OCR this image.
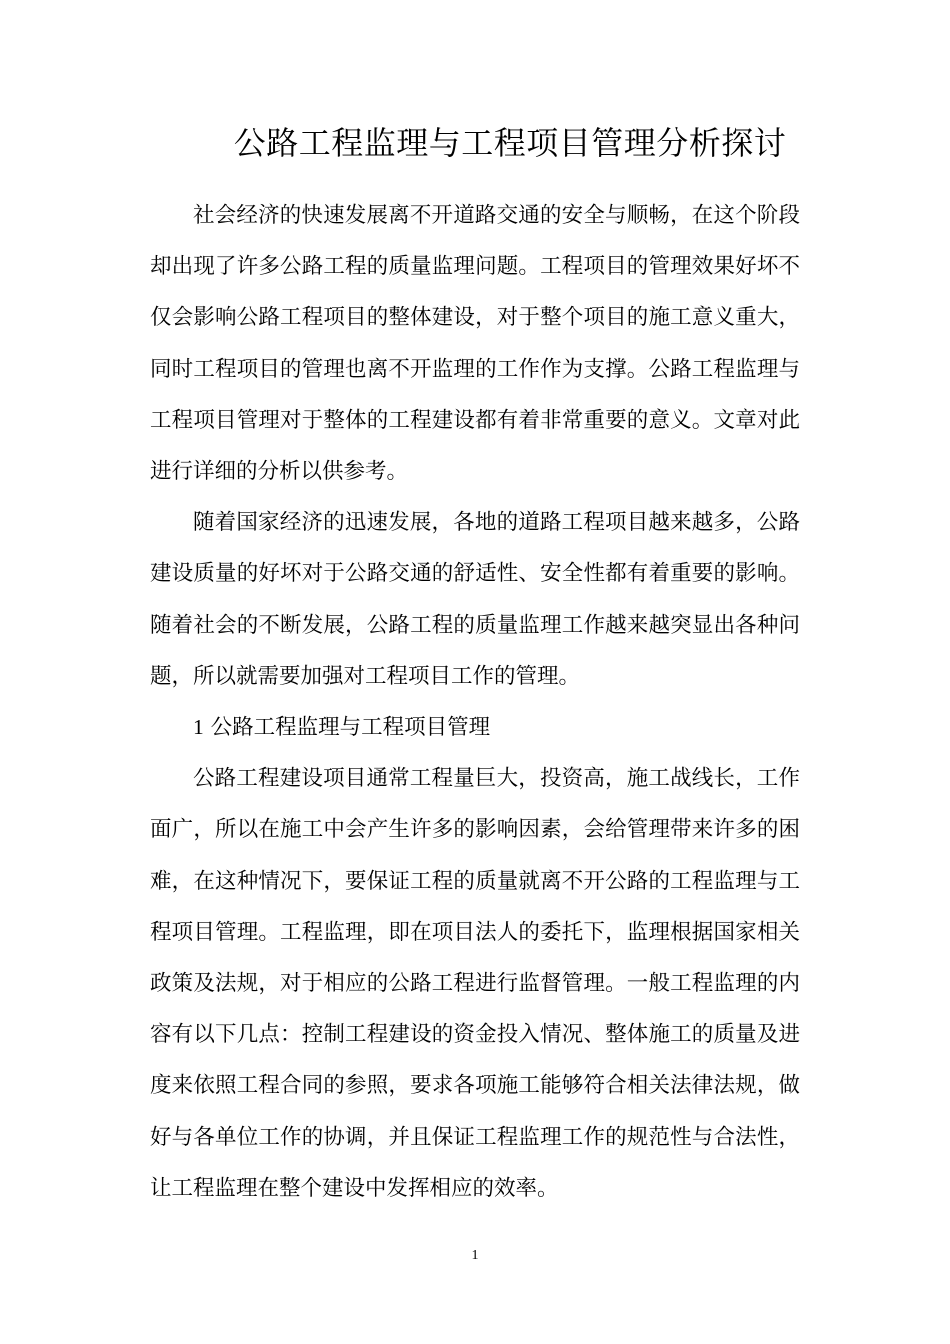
公路工程监理与工程项目管理分析探讨

社会经济的快速发展离不开道路交通的安全与顺畅，在这个阶段却出现了许多公路工程的质量监理问题。工程项目的管理效果好坏不仅会影响公路工程项目的整体建设，对于整个项目的施工意义重大，同时工程项目的管理也离不开监理的工作作为支撑。公路工程监理与工程项目管理对于整体的工程建设都有着非常重要的意义。文章对此进行详细的分析以供参考。

随着国家经济的迅速发展，各地的道路工程项目越来越多，公路建设质量的好坏对于公路交通的舒适性、安全性都有着重要的影响。随着社会的不断发展，公路工程的质量监理工作越来越突显出各种问题，所以就需要加强对工程项目工作的管理。

1 公路工程监理与工程项目管理

公路工程建设项目通常工程量巨大，投资高，施工战线长，工作面广，所以在施工中会产生许多的影响因素，会给管理带来许多的困难，在这种情况下，要保证工程的质量就离不开公路的工程监理与工程项目管理。工程监理，即在项目法人的委托下，监理根据国家相关政策及法规，对于相应的公路工程进行监督管理。一般工程监理的内容有以下几点：控制工程建设的资金投入情况、整体施工的质量及进度来依照工程合同的参照，要求各项施工能够符合相关法律法规，做好与各单位工作的协调，并且保证工程监理工作的规范性与合法性，让工程监理在整个建设中发挥相应的效率。

1
